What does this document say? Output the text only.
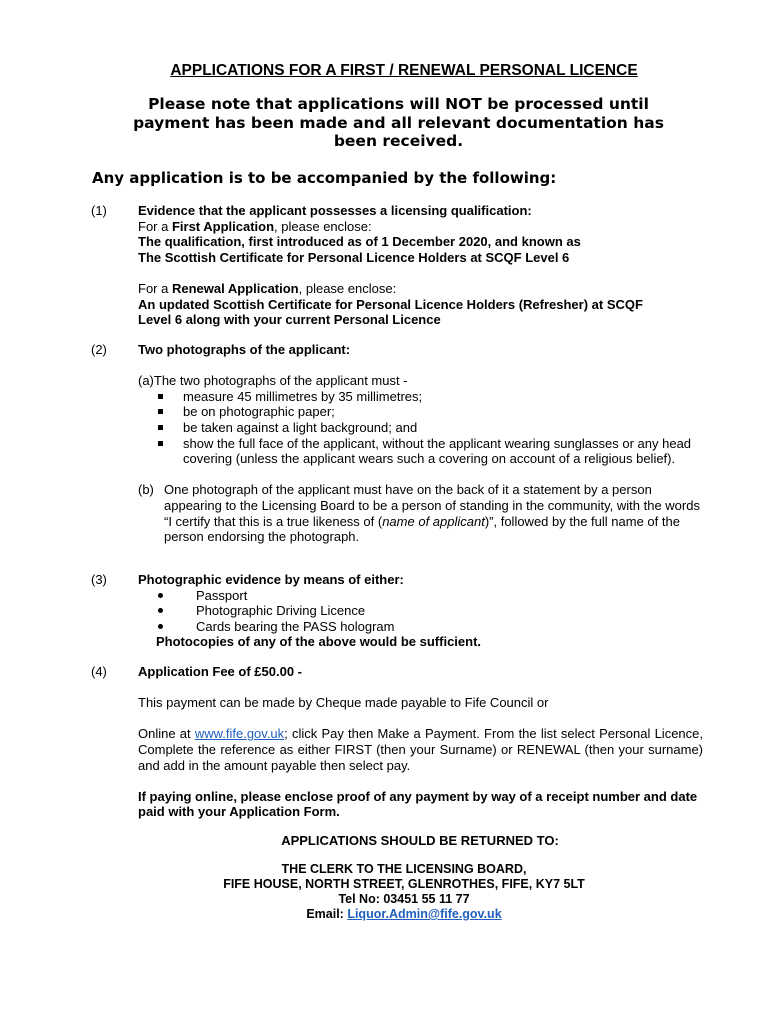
APPLICATIONS FOR A FIRST / RENEWAL PERSONAL LICENCE
Please note that applications will NOT be processed until
payment has been made and all relevant documentation has
been received.
Any application is to be accompanied by the following:
(1) Evidence that the applicant possesses a licensing qualification:
For a First Application, please enclose:
The qualification, first introduced as of 1 December 2020, and known as
The Scottish Certificate for Personal Licence Holders at SCQF Level 6
For a Renewal Application, please enclose:
An updated Scottish Certificate for Personal Licence Holders (Refresher) at SCQF
Level 6 along with your current Personal Licence
(2) Two photographs of the applicant:
(a)The two photographs of the applicant must -
measure 45 millimetres by 35 millimetres;
be on photographic paper;
be taken against a light background; and
show the full face of the applicant, without the applicant wearing sunglasses or any head covering (unless the applicant wears such a covering on account of a religious belief).
(b) One photograph of the applicant must have on the back of it a statement by a person appearing to the Licensing Board to be a person of standing in the community, with the words “I certify that this is a true likeness of (name of applicant)”, followed by the full name of the person endorsing the photograph.
(3) Photographic evidence by means of either:
Passport
Photographic Driving Licence
Cards bearing the PASS hologram
Photocopies of any of the above would be sufficient.
(4) Application Fee of £50.00 -
This payment can be made by Cheque made payable to Fife Council or
Online at www.fife.gov.uk; click Pay then Make a Payment. From the list select Personal Licence, Complete the reference as either FIRST (then your Surname) or RENEWAL (then your surname) and add in the amount payable then select pay.
If paying online, please enclose proof of any payment by way of a receipt number and date paid with your Application Form.
APPLICATIONS SHOULD BE RETURNED TO:
THE CLERK TO THE LICENSING BOARD,
FIFE HOUSE, NORTH STREET, GLENROTHES, FIFE, KY7 5LT
Tel No: 03451 55 11 77
Email: Liquor.Admin@fife.gov.uk
